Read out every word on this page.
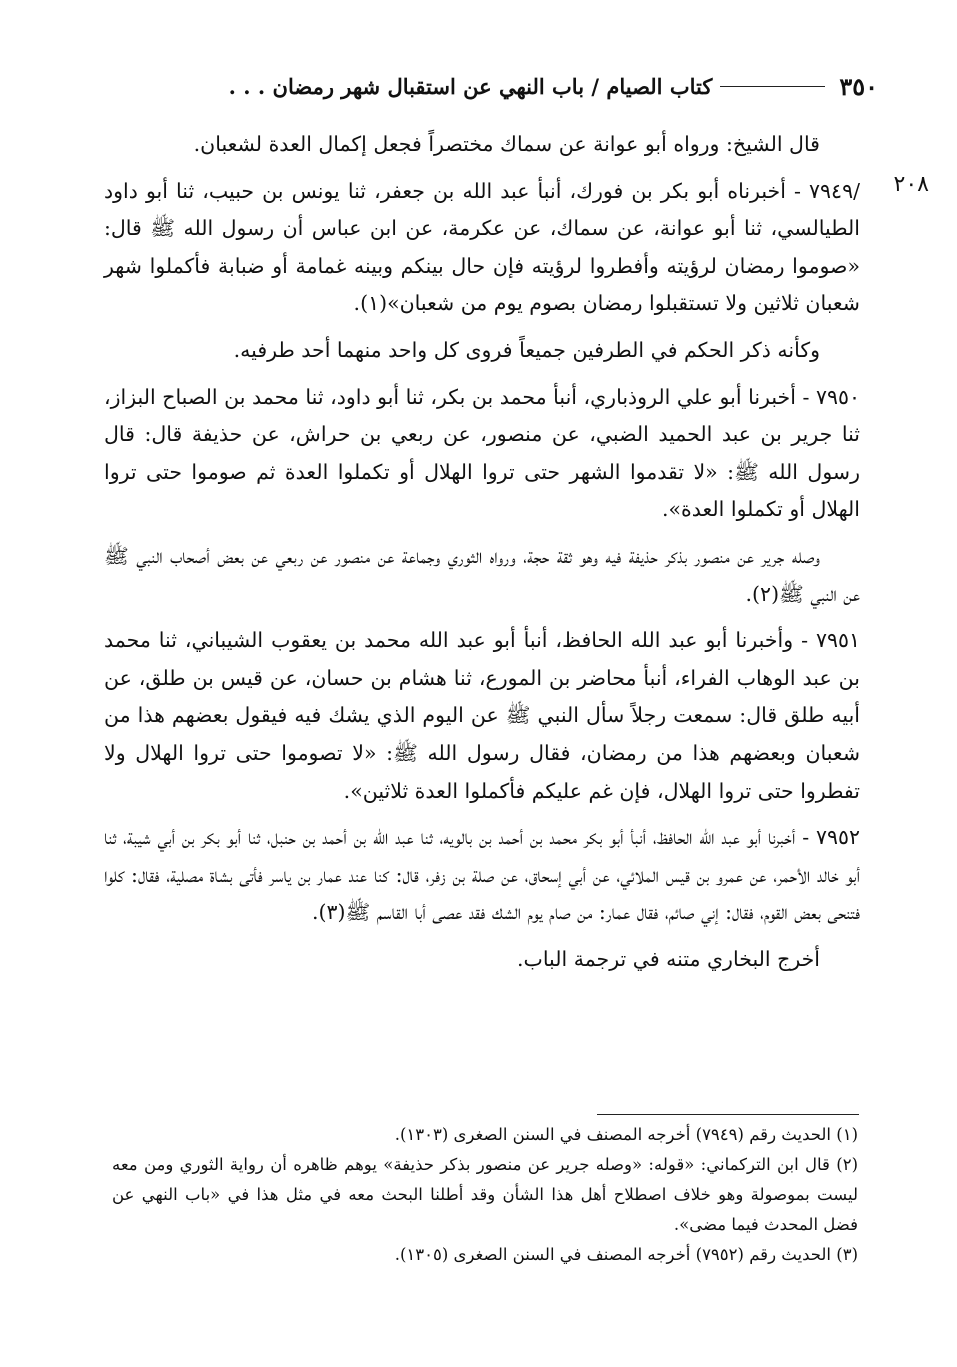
٣٥٠
كتاب الصيام / باب النهي عن استقبال شهر رمضان . . .
٢٠٨

قال الشيخ: ورواه أبو عوانة عن سماك مختصراً فجعل إكمال العدة لشعبان.

/٧٩٤٩ - أخبرناه أبو بكر بن فورك، أنبأ عبد الله بن جعفر، ثنا يونس بن حبيب، ثنا أبو داود الطيالسي، ثنا أبو عوانة، عن سماك، عن عكرمة، عن ابن عباس أن رسول الله ﷺ قال: «صوموا رمضان لرؤيته وأفطروا لرؤيته فإن حال بينكم وبينه غمامة أو ضبابة فأكملوا شهر شعبان ثلاثين ولا تستقبلوا رمضان بصوم يوم من شعبان»(١).

وكأنه ذكر الحكم في الطرفين جميعاً فروى كل واحد منهما أحد طرفيه.

٧٩٥٠ - أخبرنا أبو علي الروذباري، أنبأ محمد بن بكر، ثنا أبو داود، ثنا محمد بن الصباح البزاز، ثنا جرير بن عبد الحميد الضبي، عن منصور، عن ربعي بن حراش، عن حذيفة قال: قال رسول الله ﷺ: «لا تقدموا الشهر حتى تروا الهلال أو تكملوا العدة ثم صوموا حتى تروا الهلال أو تكملوا العدة».

وصله جرير عن منصور بذكر حذيفة فيه وهو ثقة حجة، ورواه الثوري وجماعة عن منصور عن ربعي عن بعض أصحاب النبي ﷺ عن النبي ﷺ(٢).

٧٩٥١ - وأخبرنا أبو عبد الله الحافظ، أنبأ أبو عبد الله محمد بن يعقوب الشيباني، ثنا محمد بن عبد الوهاب الفراء، أنبأ محاضر بن المورع، ثنا هشام بن حسان، عن قيس بن طلق، عن أبيه طلق قال: سمعت رجلاً سأل النبي ﷺ عن اليوم الذي يشك فيه فيقول بعضهم هذا من شعبان وبعضهم هذا من رمضان، فقال رسول الله ﷺ: «لا تصوموا حتى تروا الهلال ولا تفطروا حتى تروا الهلال، فإن غم عليكم فأكملوا العدة ثلاثين».

٧٩٥٢ - أخبرنا أبو عبد الله الحافظ، أنبأ أبو بكر محمد بن أحمد بن بالويه، ثنا عبد الله بن أحمد بن حنبل، ثنا أبو بكر بن أبي شيبة، ثنا أبو خالد الأحمر، عن عمرو بن قيس الملائي، عن أبي إسحاق، عن صلة بن زفر، قال: كنا عند عمار بن ياسر فأتى بشاة مصلية، فقال: كلوا فتنحى بعض القوم، فقال: إني صائم، فقال عمار: من صام يوم الشك فقد عصى أبا القاسم ﷺ(٣).

أخرج البخاري متنه في ترجمة الباب.

(١) الحديث رقم (٧٩٤٩) أخرجه المصنف في السنن الصغرى (١٣٠٣).

(٢) قال ابن التركماني: «قوله: «وصله جرير عن منصور بذكر حذيفة» يوهم ظاهره أن رواية الثوري ومن معه ليست بموصولة وهو خلاف اصطلاح أهل هذا الشأن وقد أطلنا البحث معه في مثل هذا في «باب النهي عن فضل المحدث فيما مضى».

(٣) الحديث رقم (٧٩٥٢) أخرجه المصنف في السنن الصغرى (١٣٠٥).
